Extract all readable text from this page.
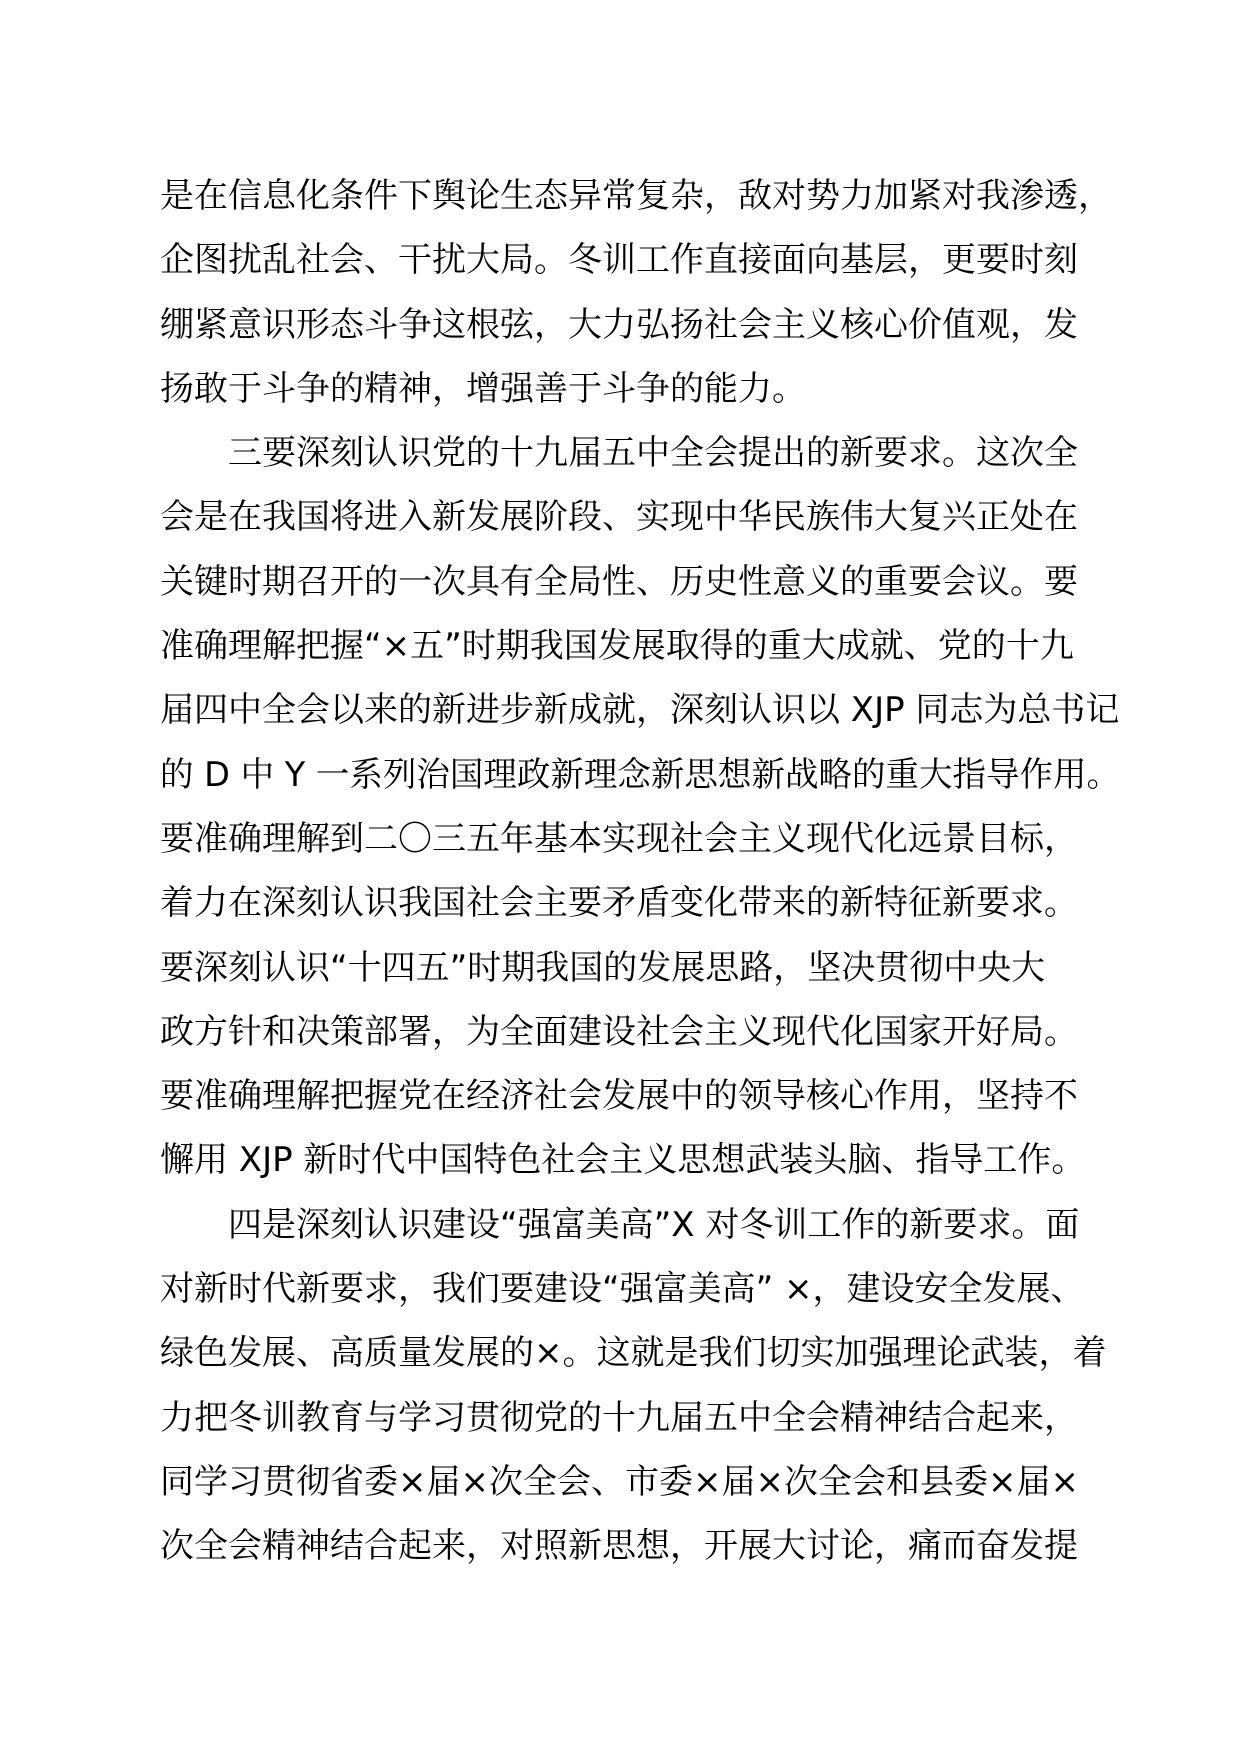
是在信息化条件下舆论生态异常复杂，敌对势力加紧对我渗透，
企图扰乱社会、干扰大局。冬训工作直接面向基层，更要时刻
绷紧意识形态斗争这根弦，大力弘扬社会主义核心价值观，发
扬敢于斗争的精神，增强善于斗争的能力。
三要深刻认识党的十九届五中全会提出的新要求。这次全
会是在我国将进入新发展阶段、实现中华民族伟大复兴正处在
关键时期召开的一次具有全局性、历史性意义的重要会议。要
准确理解把握“×五”时期我国发展取得的重大成就、党的十九
届四中全会以来的新进步新成就，深刻认识以 XJP 同志为总书记
的 D 中 Y 一系列治国理政新理念新思想新战略的重大指导作用。
要准确理解到二〇三五年基本实现社会主义现代化远景目标，
着力在深刻认识我国社会主要矛盾变化带来的新特征新要求。
要深刻认识“十四五”时期我国的发展思路，坚决贯彻中央大
政方针和决策部署，为全面建设社会主义现代化国家开好局。
要准确理解把握党在经济社会发展中的领导核心作用，坚持不
懈用 XJP 新时代中国特色社会主义思想武装头脑、指导工作。
四是深刻认识建设“强富美高”X 对冬训工作的新要求。面
对新时代新要求，我们要建设“强富美高” ×，建设安全发展、
绿色发展、高质量发展的×。这就是我们切实加强理论武装，着
力把冬训教育与学习贯彻党的十九届五中全会精神结合起来，
同学习贯彻省委×届×次全会、市委×届×次全会和县委×届×
次全会精神结合起来，对照新思想，开展大讨论，痛而奋发提
